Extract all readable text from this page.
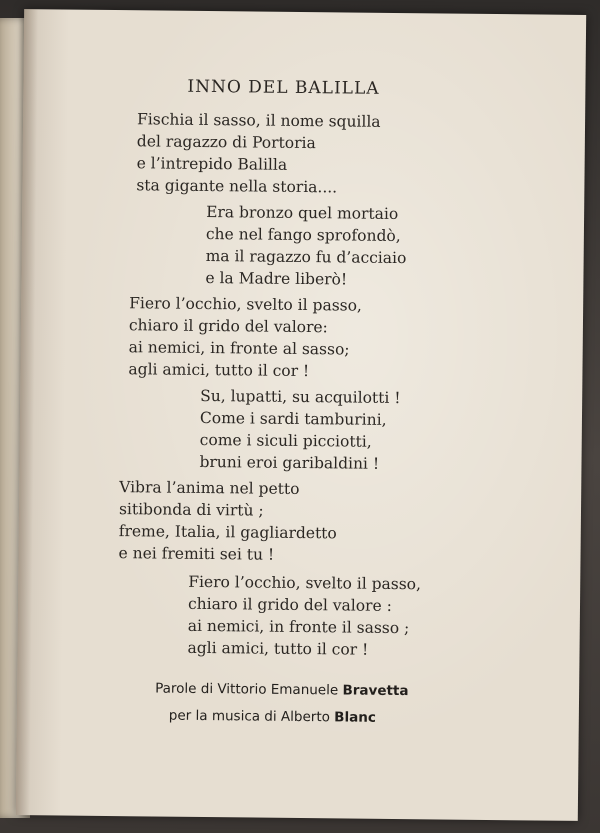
INNO DEL BALILLA
Fischia il sasso, il nome squilla
del ragazzo di Portoria
e l’intrepido Balilla
sta gigante nella storia....
Era bronzo quel mortaio
che nel fango sprofondò,
ma il ragazzo fu d’acciaio
e la Madre liberò!
Fiero l’occhio, svelto il passo,
chiaro il grido del valore:
ai nemici, in fronte al sasso;
agli amici, tutto il cor !
Su, lupatti, su acquilotti !
Come i sardi tamburini,
come i siculi picciotti,
bruni eroi garibaldini !
Vibra l’anima nel petto
sitibonda di virtù ;
freme, Italia, il gagliardetto
e nei fremiti sei tu !
Fiero l’occhio, svelto il passo,
chiaro il grido del valore :
ai nemici, in fronte il sasso ;
agli amici, tutto il cor !
Parole di Vittorio Emanuele Bravetta
per la musica di Alberto Blanc
